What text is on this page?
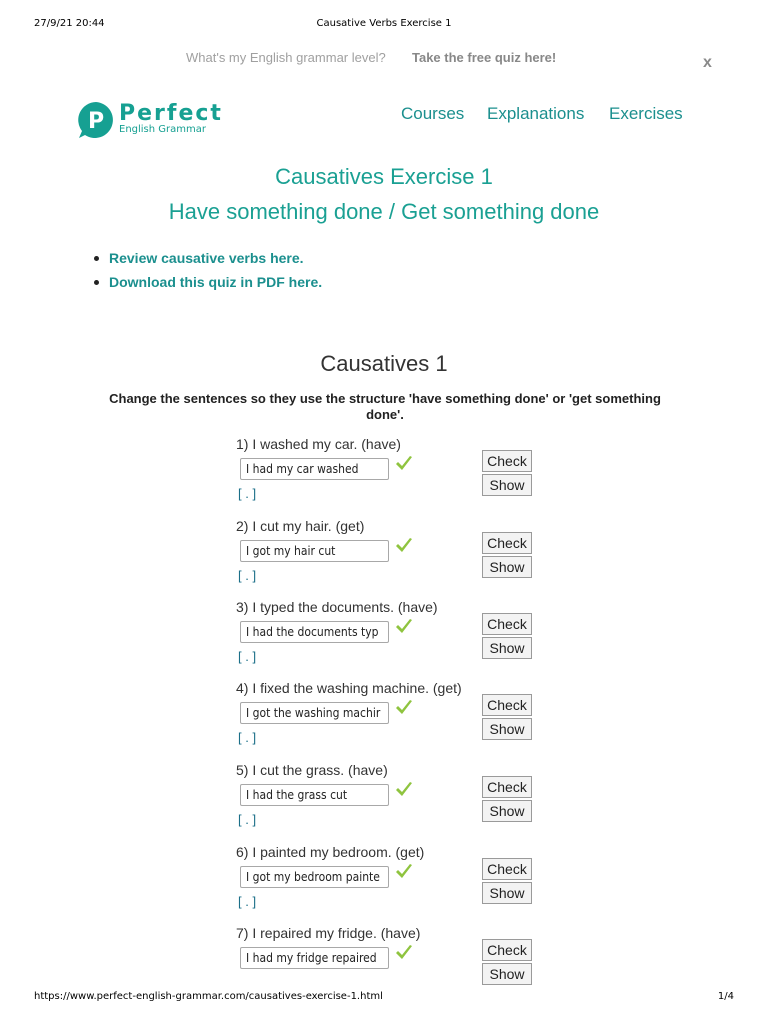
27/9/21 20:44	Causative Verbs Exercise 1
What's my English grammar level? Take the free quiz here!	x
P Perfect
English Grammar
Courses Explanations Exercises
Causatives Exercise 1
Have something done / Get something done
Review causative verbs here.
Download this quiz in PDF here.
Causatives 1
Change the sentences so they use the structure 'have something done' or 'get something done'.
1) I washed my car. (have)
I had my car washed
[ . ]
Check
Show
2) I cut my hair. (get)
I got my hair cut
[ . ]
Check
Show
3) I typed the documents. (have)
I had the documents typ
[ . ]
Check
Show
4) I fixed the washing machine. (get)
I got the washing machir
[ . ]
Check
Show
5) I cut the grass. (have)
I had the grass cut
[ . ]
Check
Show
6) I painted my bedroom. (get)
I got my bedroom painte
[ . ]
Check
Show
7) I repaired my fridge. (have)
I had my fridge repaired	Check
Show
https://www.perfect-english-grammar.com/causatives-exercise-1.html	1/4
